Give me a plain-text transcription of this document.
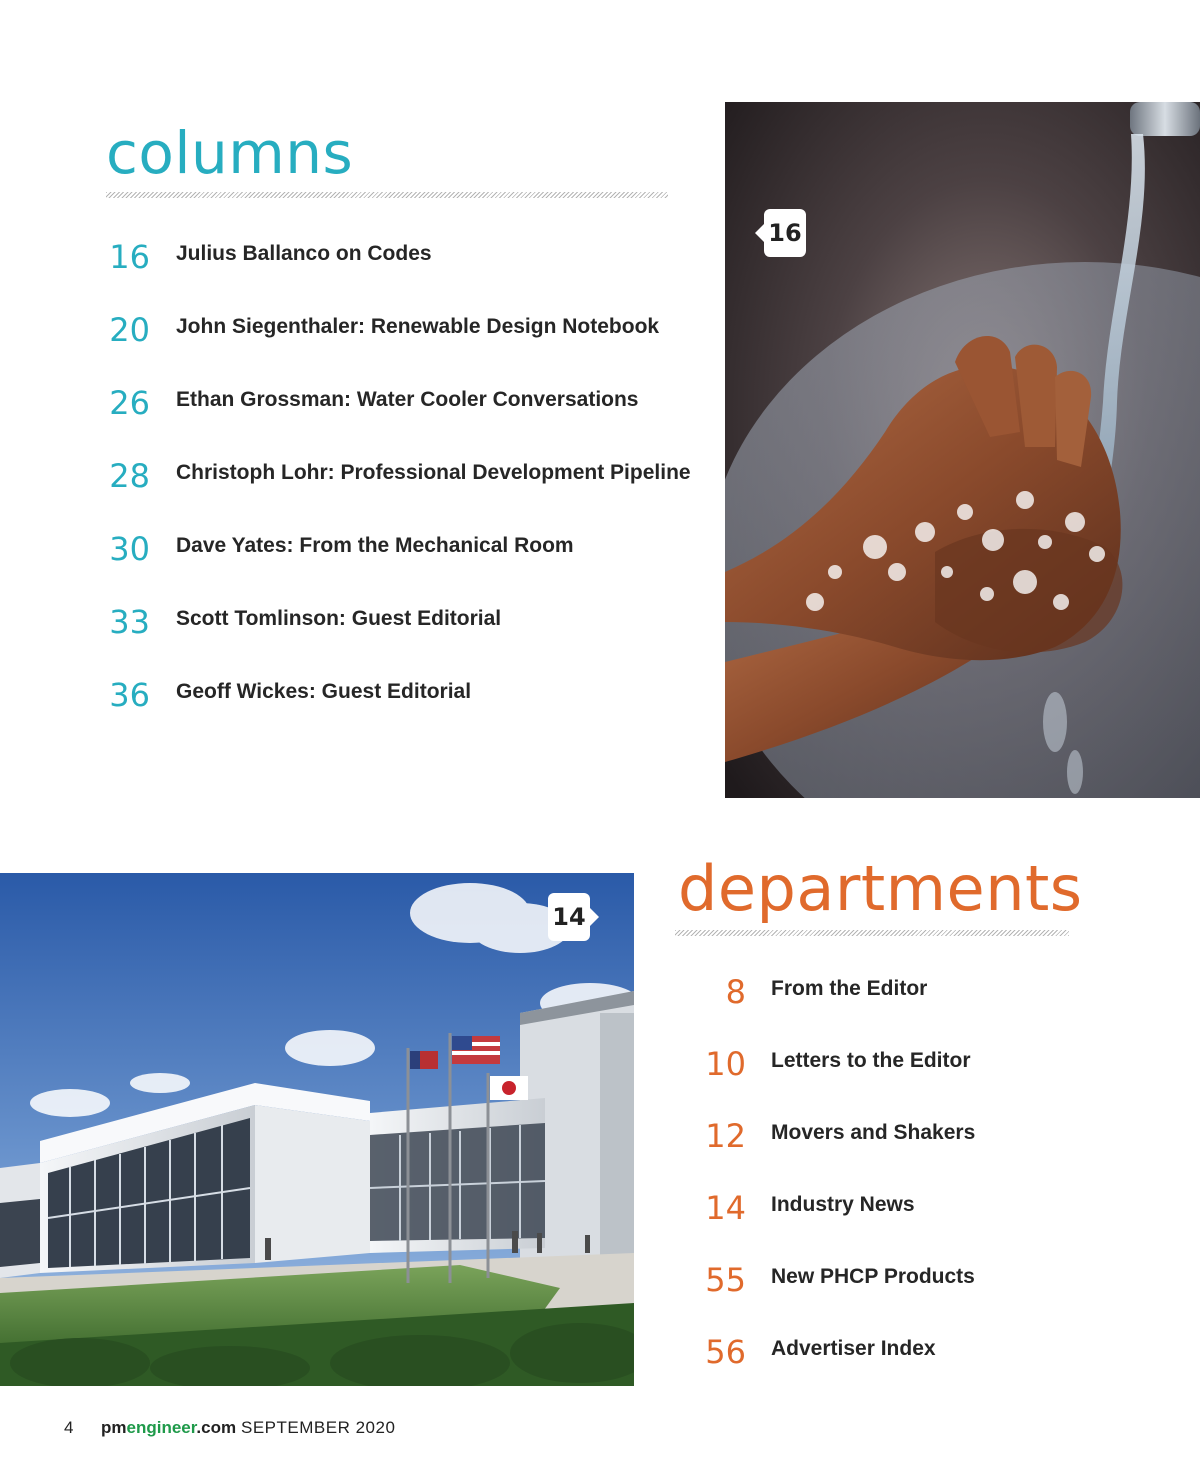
columns
16 Julius Ballanco on Codes
20 John Siegenthaler: Renewable Design Notebook
26 Ethan Grossman: Water Cooler Conversations
28 Christoph Lohr: Professional Development Pipeline
30 Dave Yates: From the Mechanical Room
33 Scott Tomlinson: Guest Editorial
36 Geoff Wickes: Guest Editorial
16
14 departments
8 From the Editor
10 Letters to the Editor
12 Movers and Shakers
14 Industry News
55 New PHCP Products
56 Advertiser Index
4 pmengineer.com SEPTEMBER 2020
